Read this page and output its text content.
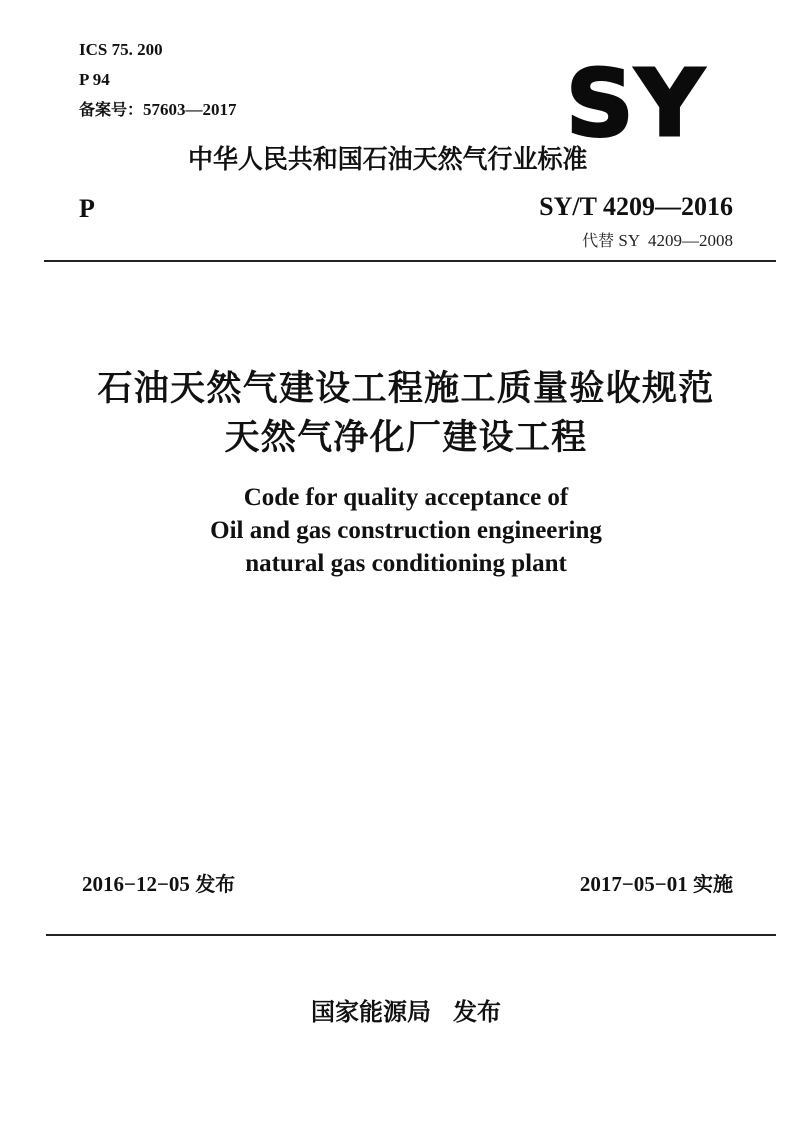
ICS 75. 200
P 94
备案号：57603—2017	SY
中华人民共和国石油天然气行业标准
P	SY/T 4209—2016
代替 SY  4209—2008
石油天然气建设工程施工质量验收规范
天然气净化厂建设工程
Code for quality acceptance of
Oil and gas construction engineering
natural gas conditioning plant
2016−12−05 发布	2017−05−01 实施
国家能源局 发布
